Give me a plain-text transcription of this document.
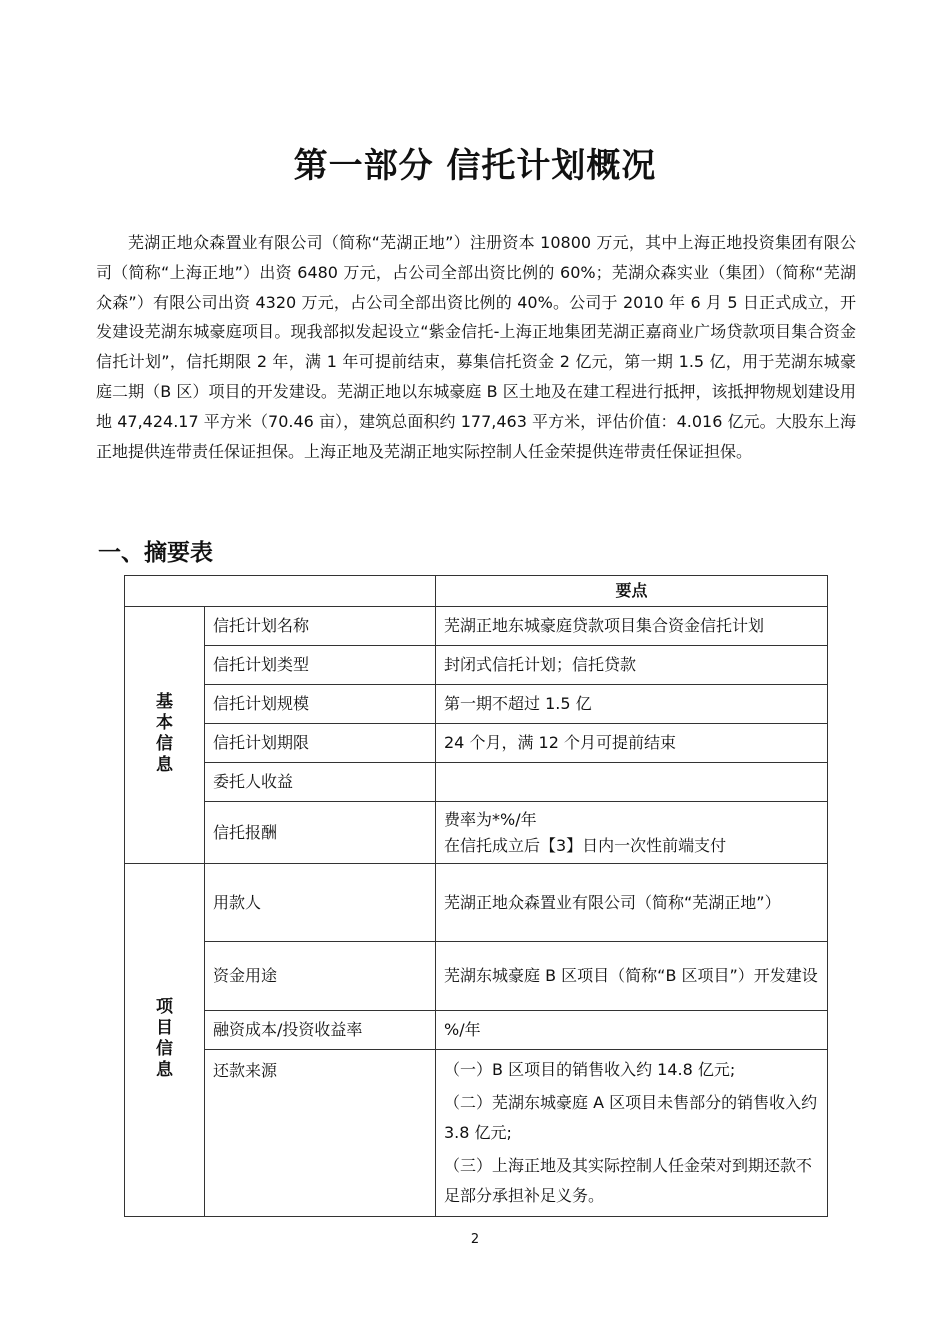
第一部分 信托计划概况

芜湖正地众森置业有限公司（简称“芜湖正地”）注册资本 10800 万元，其中上海正地投资集团有限公司（简称“上海正地”）出资 6480 万元，占公司全部出资比例的 60%；芜湖众森实业（集团）（简称“芜湖众森”）有限公司出资 4320 万元，占公司全部出资比例的 40%。公司于 2010 年 6 月 5 日正式成立，开发建设芜湖东城豪庭项目。现我部拟发起设立“紫金信托-上海正地集团芜湖正嘉商业广场贷款项目集合资金信托计划”，信托期限 2 年，满 1 年可提前结束，募集信托资金 2 亿元，第一期 1.5 亿，用于芜湖东城豪庭二期（B 区）项目的开发建设。芜湖正地以东城豪庭 B 区土地及在建工程进行抵押，该抵押物规划建设用地 47,424.17 平方米（70.46 亩），建筑总面积约 177,463 平方米，评估价值：4.016 亿元。大股东上海正地提供连带责任保证担保。上海正地及芜湖正地实际控制人任金荣提供连带责任保证担保。

一、摘要表
		要点
基本信息	信托计划名称	芜湖正地东城豪庭贷款项目集合资金信托计划
	信托计划类型	封闭式信托计划；信托贷款
	信托计划规模	第一期不超过 1.5 亿
	信托计划期限	24 个月，满 12 个月可提前结束
	委托人收益	
	信托报酬	费率为*%/年
在信托成立后【3】日内一次性前端支付

项目信息	用款人	芜湖正地众森置业有限公司（简称“芜湖正地”）
	资金用途	芜湖东城豪庭 B 区项目（简称“B 区项目”）开发建设
	融资成本/投资收益率	%/年
	还款来源	（一）B 区项目的销售收入约 14.8 亿元;
（二）芜湖东城豪庭 A 区项目未售部分的销售收入约 3.8 亿元;
（三）上海正地及其实际控制人任金荣对到期还款不足部分承担补足义务。
2
